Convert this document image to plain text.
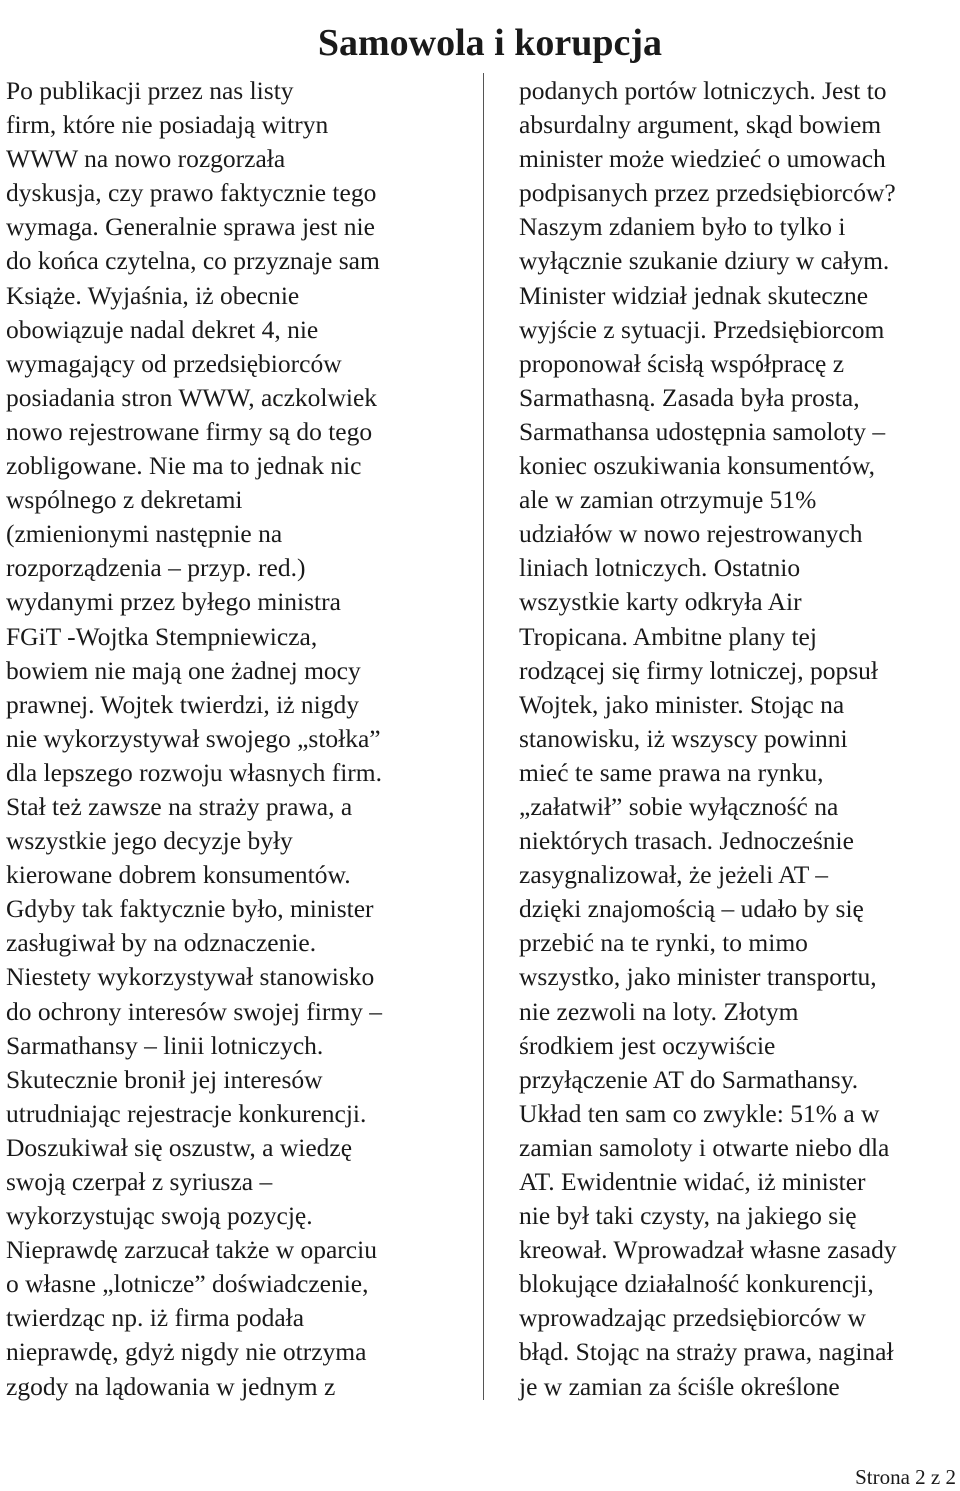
Samowola i korupcja
Po publikacji przez nas listy
firm, które nie posiadają witryn
WWW na nowo rozgorzała
dyskusja, czy prawo faktycznie tego
wymaga. Generalnie sprawa jest nie
do końca czytelna, co przyznaje sam
Książe. Wyjaśnia, iż obecnie
obowiązuje nadal dekret 4, nie
wymagający od przedsiębiorców
posiadania stron WWW, aczkolwiek
nowo rejestrowane firmy są do tego
zobligowane. Nie ma to jednak nic
wspólnego z dekretami
(zmienionymi następnie na
rozporządzenia – przyp. red.)
wydanymi przez byłego ministra
FGiT -Wojtka Stempniewicza,
bowiem nie mają one żadnej mocy
prawnej. Wojtek twierdzi, iż nigdy
nie wykorzystywał swojego „stołka”
dla lepszego rozwoju własnych firm.
Stał też zawsze na straży prawa, a
wszystkie jego decyzje były
kierowane dobrem konsumentów.
Gdyby tak faktycznie było, minister
zasługiwał by na odznaczenie.
Niestety wykorzystywał stanowisko
do ochrony interesów swojej firmy –
Sarmathansy – linii lotniczych.
Skutecznie bronił jej interesów
utrudniając rejestracje konkurencji.
Doszukiwał się oszustw, a wiedzę
swoją czerpał z syriusza –
wykorzystując swoją pozycję.
Nieprawdę zarzucał także w oparciu
o własne „lotnicze” doświadczenie,
twierdząc np. iż firma podała
nieprawdę, gdyż nigdy nie otrzyma
zgody na lądowania w jednym z
podanych portów lotniczych. Jest to
absurdalny argument, skąd bowiem
minister może wiedzieć o umowach
podpisanych przez przedsiębiorców?
Naszym zdaniem było to tylko i
wyłącznie szukanie dziury w całym.
Minister widział jednak skuteczne
wyjście z sytuacji. Przedsiębiorcom
proponował ścisłą współpracę z
Sarmathasną. Zasada była prosta,
Sarmathansa udostępnia samoloty –
koniec oszukiwania konsumentów,
ale w zamian otrzymuje 51%
udziałów w nowo rejestrowanych
liniach lotniczych. Ostatnio
wszystkie karty odkryła Air
Tropicana. Ambitne plany tej
rodzącej się firmy lotniczej, popsuł
Wojtek, jako minister. Stojąc na
stanowisku, iż wszyscy powinni
mieć te same prawa na rynku,
„załatwił” sobie wyłączność na
niektórych trasach. Jednocześnie
zasygnalizował, że jeżeli AT –
dzięki znajomością – udało by się
przebić na te rynki, to mimo
wszystko, jako minister transportu,
nie zezwoli na loty. Złotym
środkiem jest oczywiście
przyłączenie AT do Sarmathansy.
Układ ten sam co zwykle: 51% a w
zamian samoloty i otwarte niebo dla
AT. Ewidentnie widać, iż minister
nie był taki czysty, na jakiego się
kreował. Wprowadzał własne zasady
blokujące działalność konkurencji,
wprowadzając przedsiębiorców w
błąd. Stojąc na straży prawa, naginał
je w zamian za ściśle określone
Strona 2 z 2
